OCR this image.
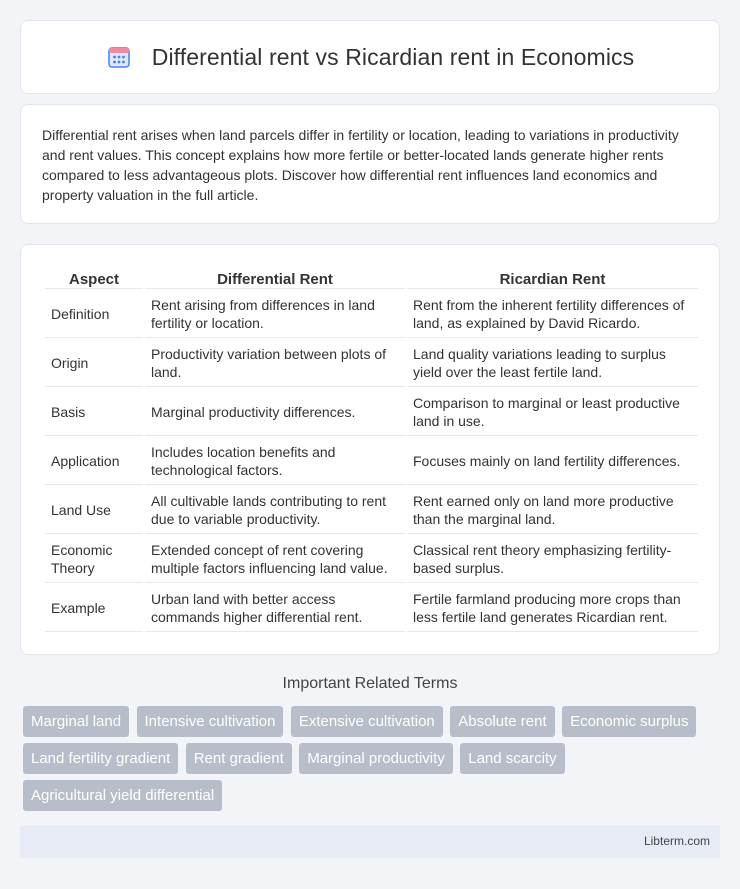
Differential rent vs Ricardian rent in Economics

Differential rent arises when land parcels differ in fertility or location, leading to variations in productivity and rent values. This concept explains how more fertile or better-located lands generate higher rents compared to less advantageous plots. Discover how differential rent influences land economics and property valuation in the full article.

Aspect	Differential Rent	Ricardian Rent
Definition	Rent arising from differences in land fertility or location.	Rent from the inherent fertility differences of land, as explained by David Ricardo.
Origin	Productivity variation between plots of land.	Land quality variations leading to surplus yield over the least fertile land.
Basis	Marginal productivity differences.	Comparison to marginal or least productive land in use.
Application	Includes location benefits and technological factors.	Focuses mainly on land fertility differences.
Land Use	All cultivable lands contributing to rent due to variable productivity.	Rent earned only on land more productive than the marginal land.
Economic Theory	Extended concept of rent covering multiple factors influencing land value.	Classical rent theory emphasizing fertility-based surplus.
Example	Urban land with better access commands higher differential rent.	Fertile farmland producing more crops than less fertile land generates Ricardian rent.
Important Related Terms
Marginal land Intensive cultivation Extensive cultivation Absolute rent Economic surplus Land fertility gradient Rent gradient Marginal productivity Land scarcity Agricultural yield differential
Libterm.com
